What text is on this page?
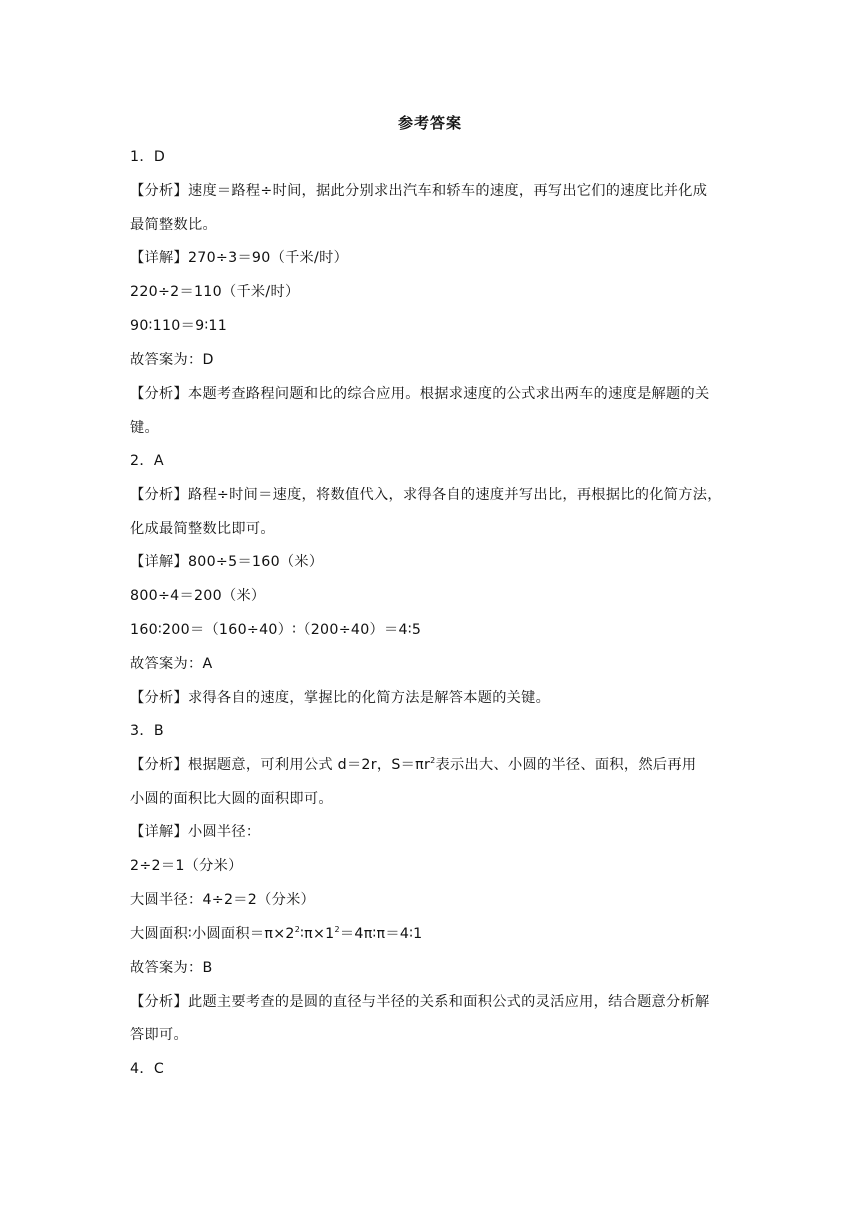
参考答案
1．D
【分析】速度＝路程÷时间，据此分别求出汽车和轿车的速度，再写出它们的速度比并化成
最简整数比。
【详解】270÷3＝90（千米/时）
220÷2＝110（千米/时）
90∶110＝9∶11
故答案为：D
【分析】本题考查路程问题和比的综合应用。根据求速度的公式求出两车的速度是解题的关
键。
2．A
【分析】路程÷时间＝速度，将数值代入，求得各自的速度并写出比，再根据比的化简方法，
化成最简整数比即可。
【详解】800÷5＝160（米）
800÷4＝200（米）
160∶200＝（160÷40）∶（200÷40）＝4∶5
故答案为：A
【分析】求得各自的速度，掌握比的化简方法是解答本题的关键。
3．B
【分析】根据题意，可利用公式 d＝2r，$S=\pi r^2$表示出大、小圆的半径、面积，然后再用
小圆的面积比大圆的面积即可。
【详解】小圆半径：
2÷2＝1（分米）
大圆半径：4÷2＝2（分米）
大圆面积∶小圆面积$=\pi\times 2^2∶\pi\times 1^2=4\pi∶\pi=4∶1$
故答案为：B
【分析】此题主要考查的是圆的直径与半径的关系和面积公式的灵活应用，结合题意分析解
答即可。
4．C
